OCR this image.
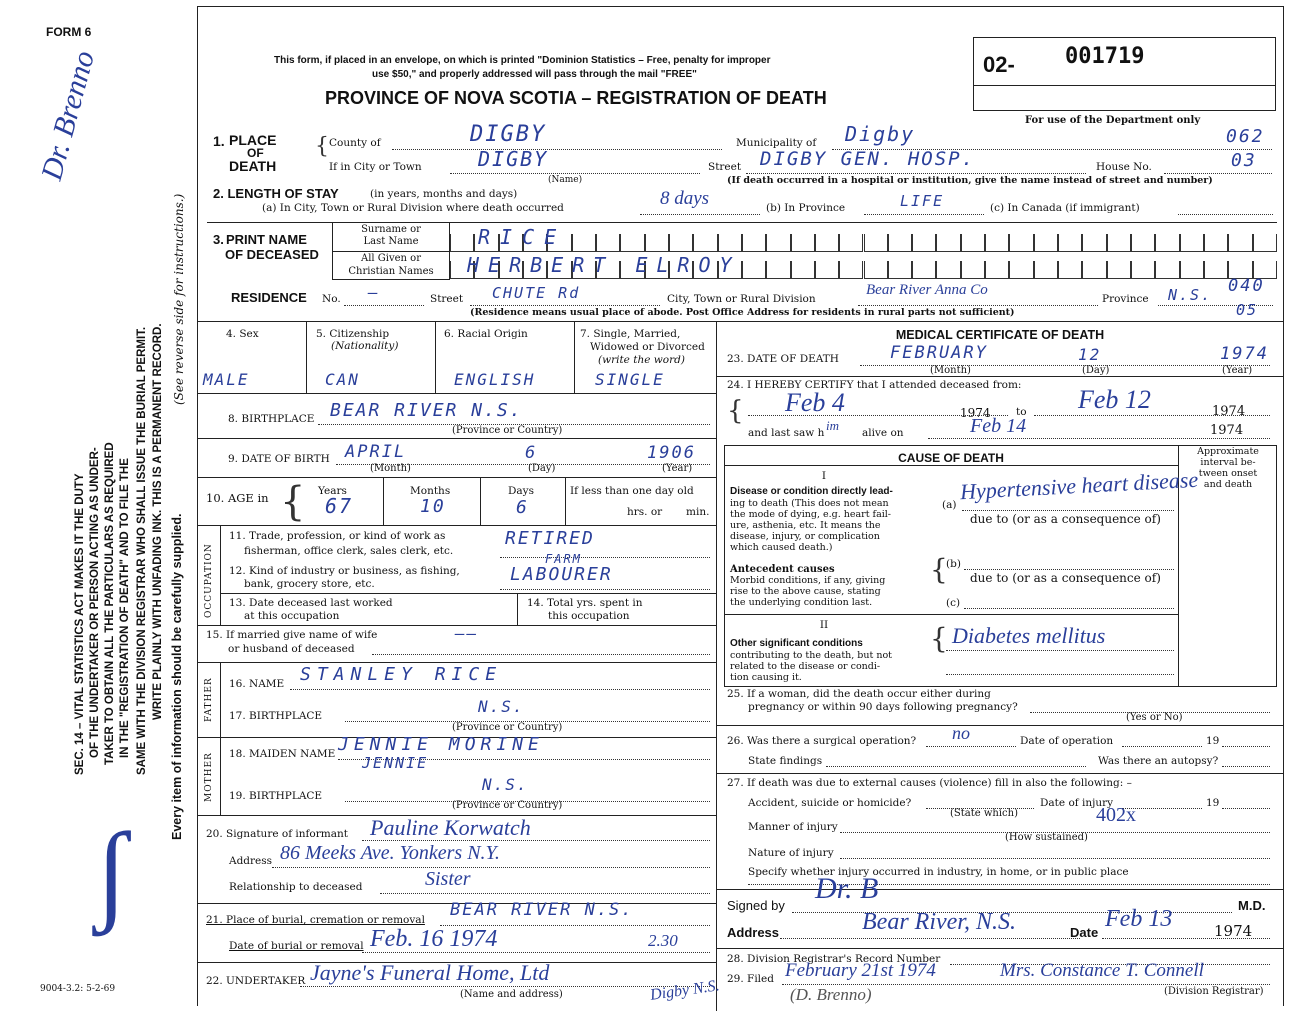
FORM 6
Dr. Brenno
ʃ
9004-3.2: 5-2-69
SEC. 14 – VITAL STATISTICS ACT MAKES IT THE DUTY OF THE UNDERTAKER OR PERSON ACTING AS UNDER- TAKER TO OBTAIN ALL THE PARTICULARS AS REQUIRED IN THE "REGISTRATION OF DEATH" AND TO FILE THE SAME WITH THE DIVISION REGISTRAR WHO SHALL ISSUE THE BURIAL PERMIT. WRITE PLAINLY WITH UNFADING INK. THIS IS A PERMANENT RECORD. Every item of information should be carefully supplied.
(See reverse side for instructions.)
This form, if placed in an envelope, on which is printed "Dominion Statistics – Free, penalty for improper
use $50," and properly addressed will pass through the mail "FREE"
PROVINCE OF NOVA SCOTIA – REGISTRATION OF DEATH
02- 001719
For use of the Department only
1. PLACE
OF
DEATH
{ County of	DIGBY	Municipality of Digby	062
If in City or Town	DIGBY
(Name)
Street DIGBY GEN. HOSP.	House No.	03
(If death occurred in a hospital or institution, give the name instead of street and number)
2. LENGTH OF STAY	(in years, months and days)
(a) In City, Town or Rural Division where death occurred	8 days	(b) In Province	LIFE	(c) In Canada (if immigrant)
3. PRINT NAME
OF DECEASED
Surname or
Last Name
All Given or
Christian Names
RICE
HERBERT ELROY
RESIDENCE No. —	Street CHUTE Rd	City, Town or Rural Division
Bear River Anna Co
Province N.S. 040
05
(Residence means usual place of abode. Post Office Address for residents in rural parts not sufficient)
4. Sex	5. Citizenship
(Nationality)
6. Racial Origin	7. Single, Married,
Widowed or Divorced
(write the word)
MALE	CAN	ENGLISH	SINGLE
8. BIRTHPLACE BEAR RIVER N.S.
(Province or Country)
9. DATE OF BIRTH APRIL	6	1906
(Month)	(Day)	(Year)
10. AGE in { Years	Months	Days	If less than one day old
hrs. or min.
67	10	6
OCCUPATION
11. Trade, profession, or kind of work as
fisherman, office clerk, sales clerk, etc.
RETIRED
12. Kind of industry or business, as fishing,
bank, grocery store, etc.
FARM
LABOURER
13. Date deceased last worked
at this occupation
14. Total yrs. spent in
this occupation
15. If married give name of wife
or husband of deceased
——
FATHER 16. NAME STANLEY RICE
17. BIRTHPLACE	N.S.
(Province or Country)
MOTHER 18. MAIDEN NAME JENNIE MORINE
JENNIE
19. BIRTHPLACE
N.S.
(Province or Country)
20. Signature of informant Pauline Korwatch
Address 86 Meeks Ave. Yonkers N.Y.
Relationship to deceased	Sister
21. Place of burial, cremation or removal BEAR RIVER N.S.
Date of burial or removal Feb. 16 1974	2.30
22. UNDERTAKER Jayne's Funeral Home, Ltd
(Name and address)	Digby N.S.	(D. Brenno)
MEDICAL CERTIFICATE OF DEATH
23. DATE OF DEATH	FEBRUARY	12	1974
(Month)	(Day)	(Year)
24. I HEREBY CERTIFY that I attended deceased from:
{ Feb 4	1974 to Feb 12	1974
and last saw h im alive on	Feb 14	1974
CAUSE OF DEATH	Approximate
interval be-
tween onset
and death
I
Disease or condition directly lead-
ing to death (This does not mean
the mode of dying, e.g. heart fail-
ure, asthenia, etc. It means the
disease, injury, or complication
which caused death.)
(a)
Hypertensive heart disease
due to (or as a consequence of)
Antecedent causes
Morbid conditions, if any, giving
rise to the above cause, stating
the underlying condition last.
{
(b)
due to (or as a consequence of)
(c)
II
Other significant conditions
contributing to the death, but not
related to the disease or condi-
tion causing it.
{ Diabetes mellitus
25. If a woman, did the death occur either during
pregnancy or within 90 days following pregnancy?
(Yes or No)
26. Was there a surgical operation? no	Date of operation	19
State findings	Was there an autopsy?
27. If death was due to external causes (violence) fill in also the following: –
Accident, suicide or homicide?	Date of injury	19
(State which)	402x
Manner of injury
(How sustained)
Nature of injury
Specify whether injury occurred in industry, in home, or in public place
Signed by
Dr. B
M.D.
Address	Bear River, N.S.	Date
Feb 13	1974
28. Division Registrar's Record Number
29. Filed February 21st 1974	Mrs. Constance T. Connell
(Division Registrar)
